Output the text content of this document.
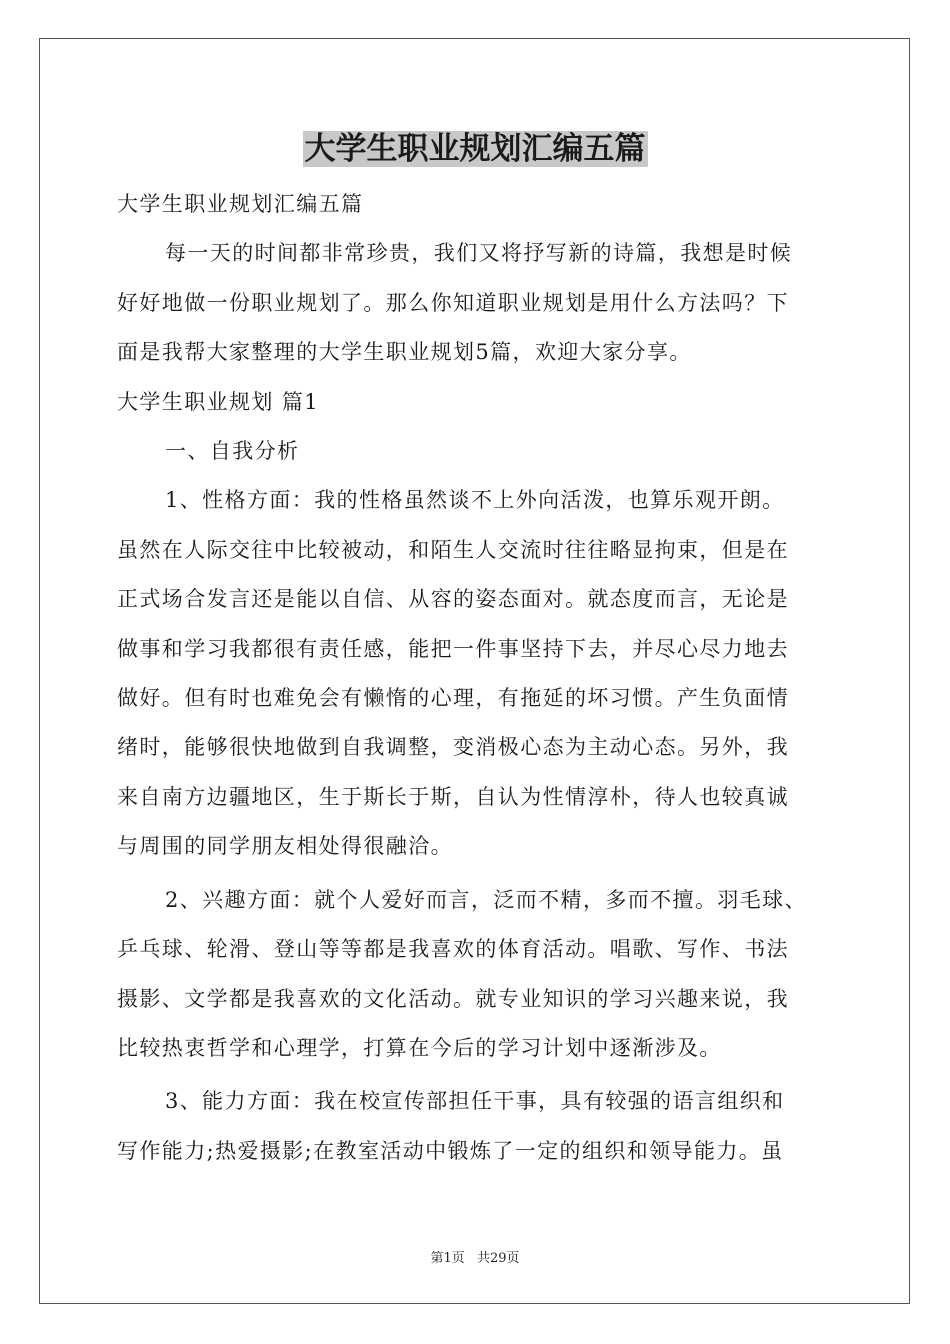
大学生职业规划汇编五篇

大学生职业规划汇编五篇

每一天的时间都非常珍贵，我们又将抒写新的诗篇，我想是时候

好好地做一份职业规划了。那么你知道职业规划是用什么方法吗？下

面是我帮大家整理的大学生职业规划5篇，欢迎大家分享。

大学生职业规划 篇1

一、自我分析

1、性格方面：我的性格虽然谈不上外向活泼，也算乐观开朗。

虽然在人际交往中比较被动，和陌生人交流时往往略显拘束，但是在

正式场合发言还是能以自信、从容的姿态面对。就态度而言，无论是

做事和学习我都很有责任感，能把一件事坚持下去，并尽心尽力地去

做好。但有时也难免会有懒惰的心理，有拖延的坏习惯。产生负面情

绪时，能够很快地做到自我调整，变消极心态为主动心态。另外，我

来自南方边疆地区，生于斯长于斯，自认为性情淳朴，待人也较真诚

与周围的同学朋友相处得很融洽。

2、兴趣方面：就个人爱好而言，泛而不精，多而不擅。羽毛球、

乒乓球、轮滑、登山等等都是我喜欢的体育活动。唱歌、写作、书法

摄影、文学都是我喜欢的文化活动。就专业知识的学习兴趣来说，我

比较热衷哲学和心理学，打算在今后的学习计划中逐渐涉及。

3、能力方面：我在校宣传部担任干事，具有较强的语言组织和

写作能力;热爱摄影;在教室活动中锻炼了一定的组织和领导能力。虽

第1页 共29页
